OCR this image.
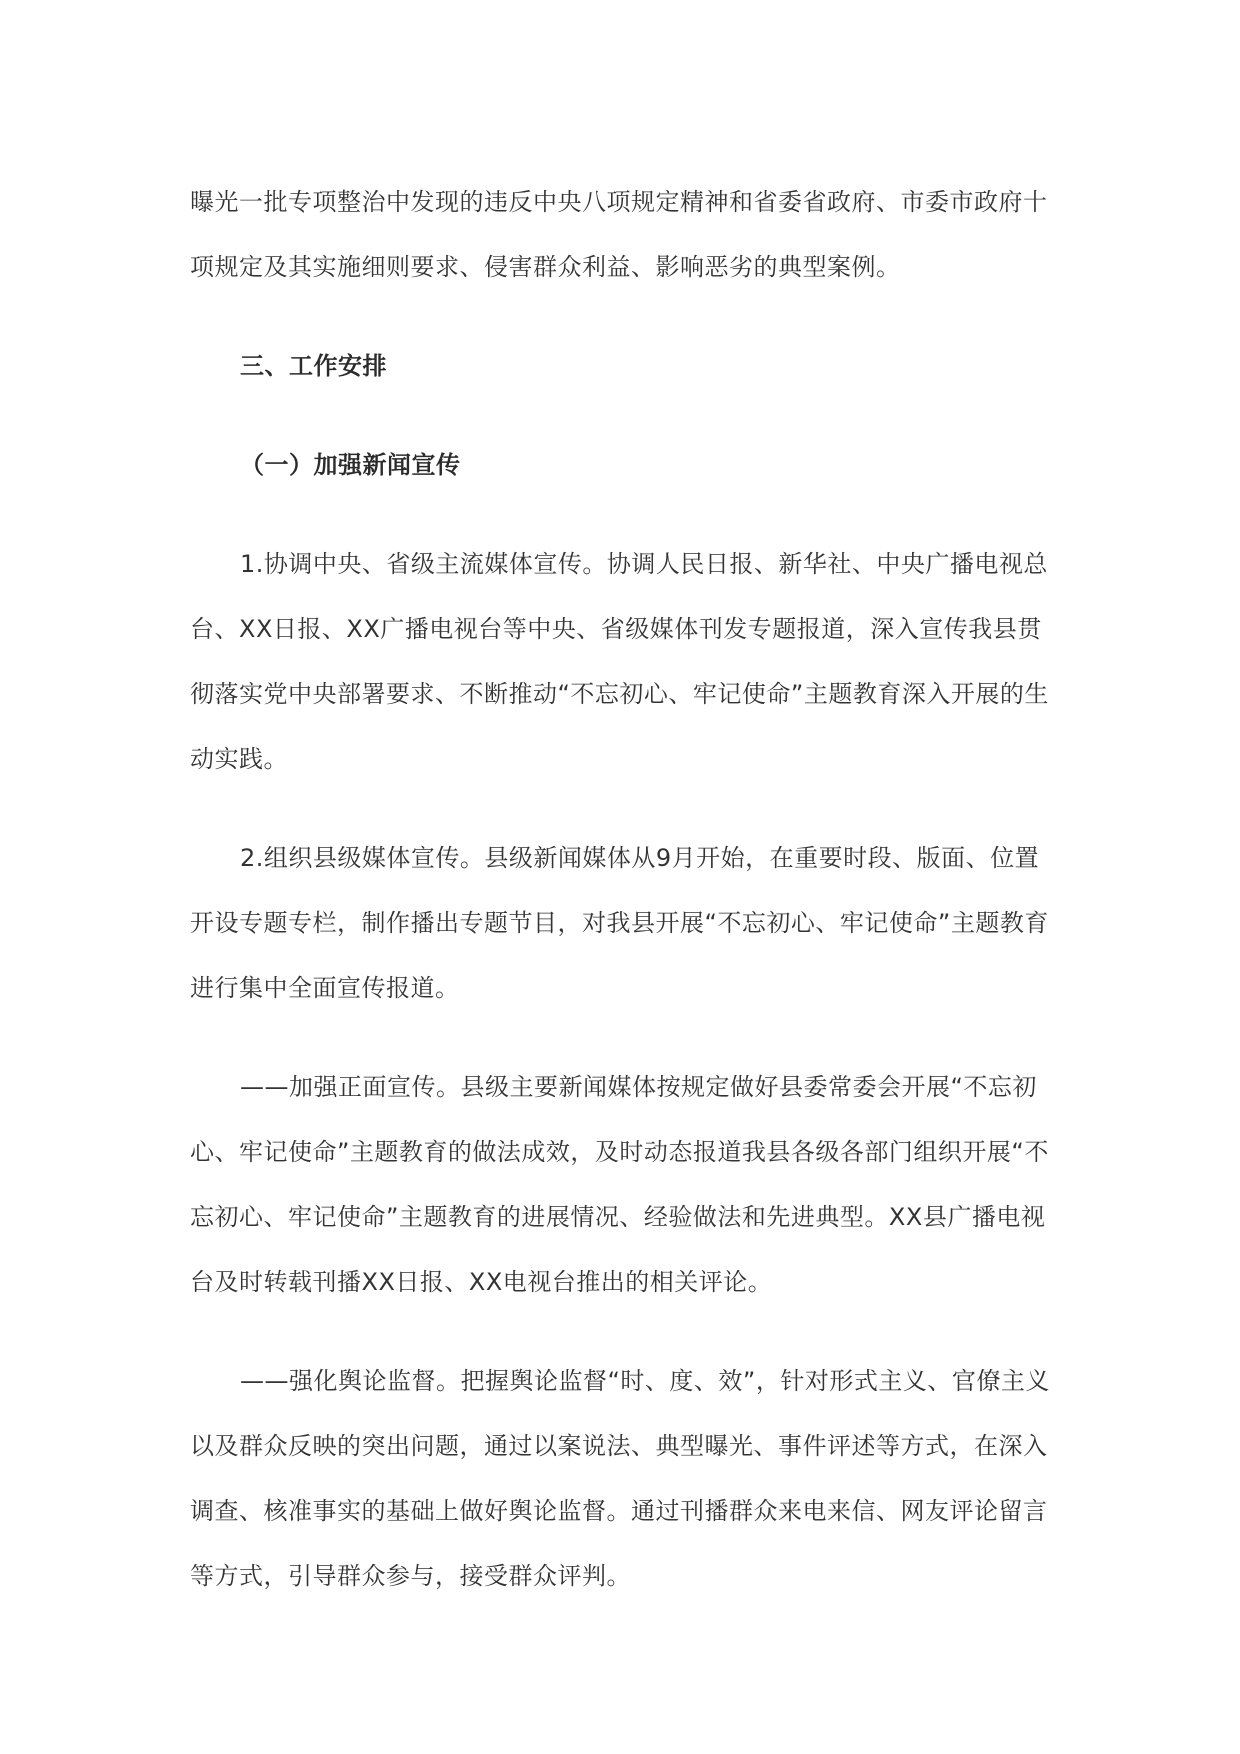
曝光一批专项整治中发现的违反中央八项规定精神和省委省政府、市委市政府十项规定及其实施细则要求、侵害群众利益、影响恶劣的典型案例。

三、工作安排

（一）加强新闻宣传

1.协调中央、省级主流媒体宣传。协调人民日报、新华社、中央广播电视总台、XX日报、XX广播电视台等中央、省级媒体刊发专题报道，深入宣传我县贯彻落实党中央部署要求、不断推动“不忘初心、牢记使命”主题教育深入开展的生动实践。

2.组织县级媒体宣传。县级新闻媒体从9月开始，在重要时段、版面、位置开设专题专栏，制作播出专题节目，对我县开展“不忘初心、牢记使命”主题教育进行集中全面宣传报道。

——加强正面宣传。县级主要新闻媒体按规定做好县委常委会开展“不忘初心、牢记使命”主题教育的做法成效，及时动态报道我县各级各部门组织开展“不忘初心、牢记使命”主题教育的进展情况、经验做法和先进典型。XX县广播电视台及时转载刊播XX日报、XX电视台推出的相关评论。

——强化舆论监督。把握舆论监督“时、度、效”，针对形式主义、官僚主义以及群众反映的突出问题，通过以案说法、典型曝光、事件评述等方式，在深入调查、核准事实的基础上做好舆论监督。通过刊播群众来电来信、网友评论留言等方式，引导群众参与，接受群众评判。
